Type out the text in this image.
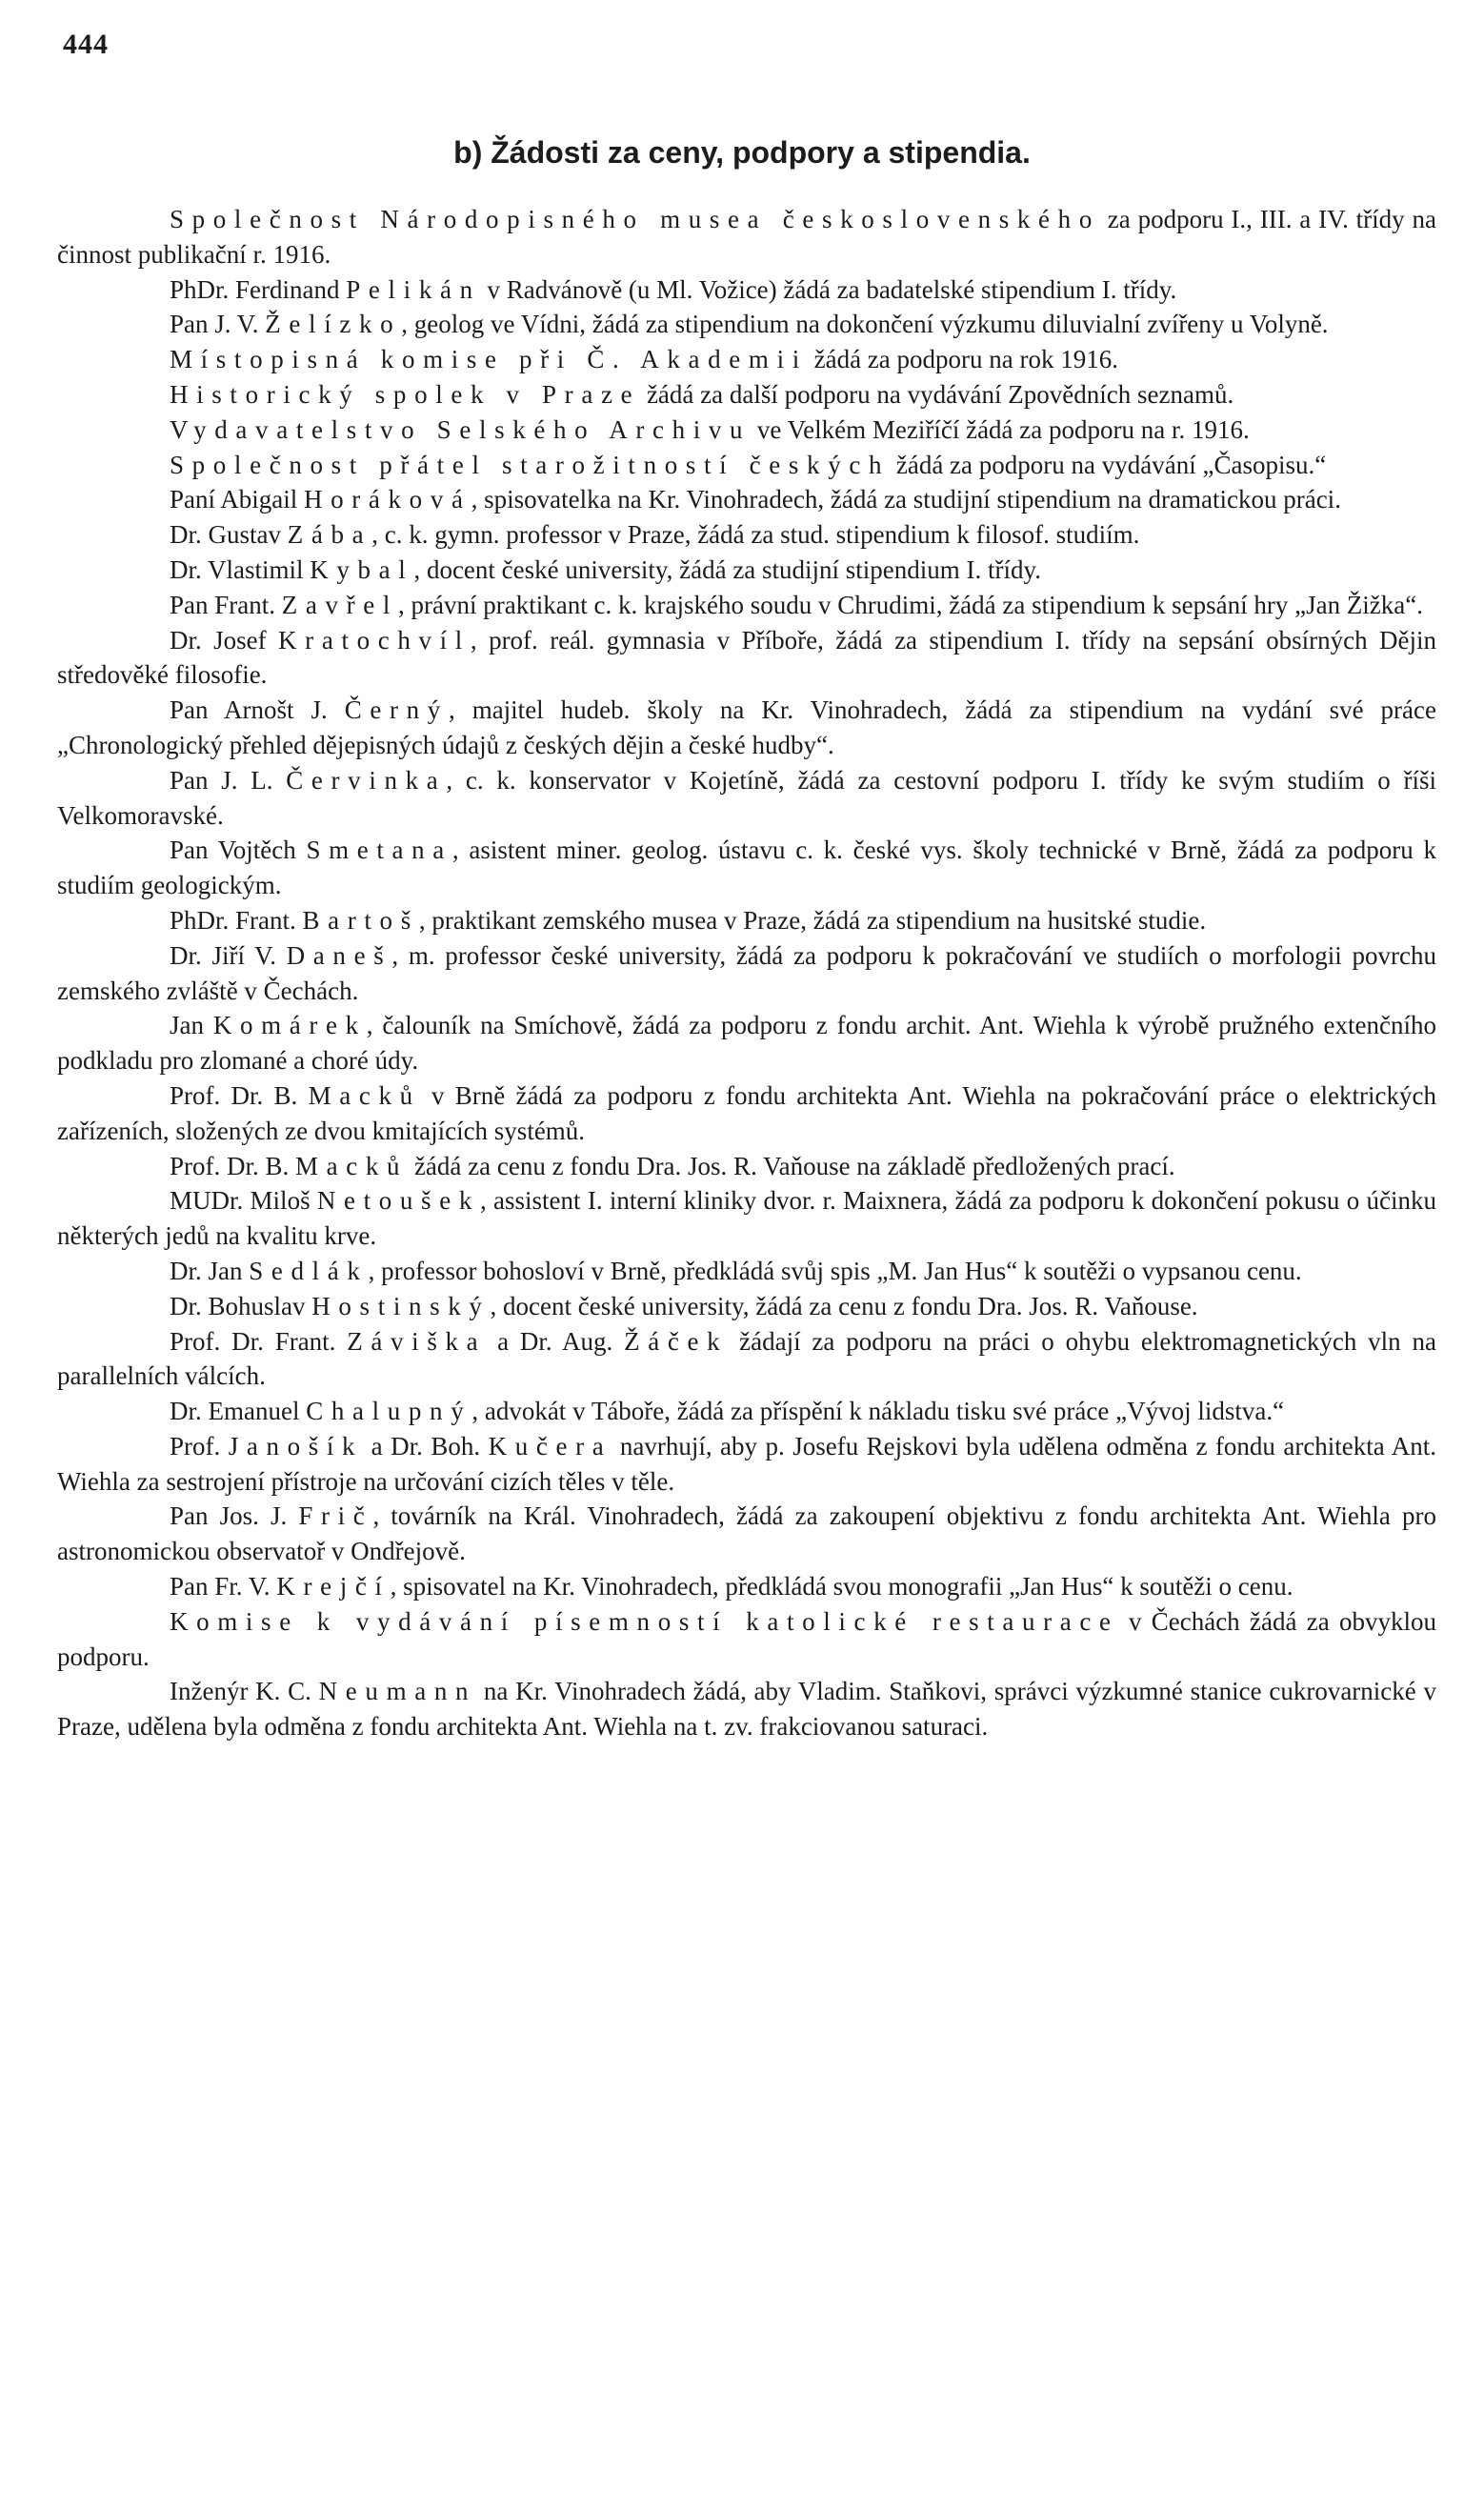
444
b) Žádosti za ceny, podpory a stipendia.

Společnost Národopisného musea československého za podporu I., III. a IV. třídy na činnost publikační r. 1916.

PhDr. Ferdinand Pelikán v Radvánově (u Ml. Vožice) žádá za badatelské stipendium I. třídy.

Pan J. V. Želízko, geolog ve Vídni, žádá za stipendium na dokončení výzkumu diluvialní zvířeny u Volyně.

Místopisná komise při Č. Akademii žádá za podporu na rok 1916.

Historický spolek v Praze žádá za další podporu na vydávání Zpovědních seznamů.

Vydavatelstvo Selského Archivu ve Velkém Meziříčí žádá za podporu na r. 1916.

Společnost přátel starožitností českých žádá za podporu na vydávání „Časopisu.“

Paní Abigail Horáková, spisovatelka na Kr. Vinohradech, žádá za studijní stipendium na dramatickou práci.

Dr. Gustav Zába, c. k. gymn. professor v Praze, žádá za stud. stipendium k filosof. studiím.

Dr. Vlastimil Kybal, docent české university, žádá za studijní stipendium I. třídy.

Pan Frant. Zavřel, právní praktikant c. k. krajského soudu v Chrudimi, žádá za stipendium k sepsání hry „Jan Žižka“.

Dr. Josef Kratochvíl, prof. reál. gymnasia v Příboře, žádá za stipendium I. třídy na sepsání obsírných Dějin středověké filosofie.

Pan Arnošt J. Černý, majitel hudeb. školy na Kr. Vinohradech, žádá za stipendium na vydání své práce „Chronologický přehled dějepisných údajů z českých dějin a české hudby“.

Pan J. L. Červinka, c. k. konservator v Kojetíně, žádá za cestovní podporu I. třídy ke svým studiím o říši Velkomoravské.

Pan Vojtěch Smetana, asistent miner. geolog. ústavu c. k. české vys. školy technické v Brně, žádá za podporu k studiím geologickým.

PhDr. Frant. Bartoš, praktikant zemského musea v Praze, žádá za stipendium na husitské studie.

Dr. Jiří V. Daneš, m. professor české university, žádá za podporu k pokračování ve studiích o morfologii povrchu zemského zvláště v Čechách.

Jan Komárek, čalouník na Smíchově, žádá za podporu z fondu archit. Ant. Wiehla k výrobě pružného extenčního podkladu pro zlomané a choré údy.

Prof. Dr. B. Macků v Brně žádá za podporu z fondu architekta Ant. Wiehla na pokračování práce o elektrických zařízeních, složených ze dvou kmitajících systémů.

Prof. Dr. B. Macků žádá za cenu z fondu Dra. Jos. R. Vaňouse na základě předložených prací.

MUDr. Miloš Netoušek, assistent I. interní kliniky dvor. r. Maixnera, žádá za podporu k dokončení pokusu o účinku některých jedů na kvalitu krve.

Dr. Jan Sedlák, professor bohosloví v Brně, předkládá svůj spis „M. Jan Hus“ k soutěži o vypsanou cenu.

Dr. Bohuslav Hostinský, docent české university, žádá za cenu z fondu Dra. Jos. R. Vaňouse.

Prof. Dr. Frant. Záviška a Dr. Aug. Žáček žádají za podporu na práci o ohybu elektromagnetických vln na parallelních válcích.

Dr. Emanuel Chalupný, advokát v Táboře, žádá za příspění k nákladu tisku své práce „Vývoj lidstva.“

Prof. Janošík a Dr. Boh. Kučera navrhují, aby p. Josefu Rejskovi byla udělena odměna z fondu architekta Ant. Wiehla za sestrojení přístroje na určování cizích těles v těle.

Pan Jos. J. Frič, továrník na Král. Vinohradech, žádá za zakoupení objektivu z fondu architekta Ant. Wiehla pro astronomickou observatoř v Ondřejově.

Pan Fr. V. Krejčí, spisovatel na Kr. Vinohradech, předkládá svou monografii „Jan Hus“ k soutěži o cenu.

Komise k vydávání písemností katolické restaurace v Čechách žádá za obvyklou podporu.

Inženýr K. C. Neumann na Kr. Vinohradech žádá, aby Vladim. Staňkovi, správci výzkumné stanice cukrovarnické v Praze, udělena byla odměna z fondu architekta Ant. Wiehla na t. zv. frakciovanou saturaci.
